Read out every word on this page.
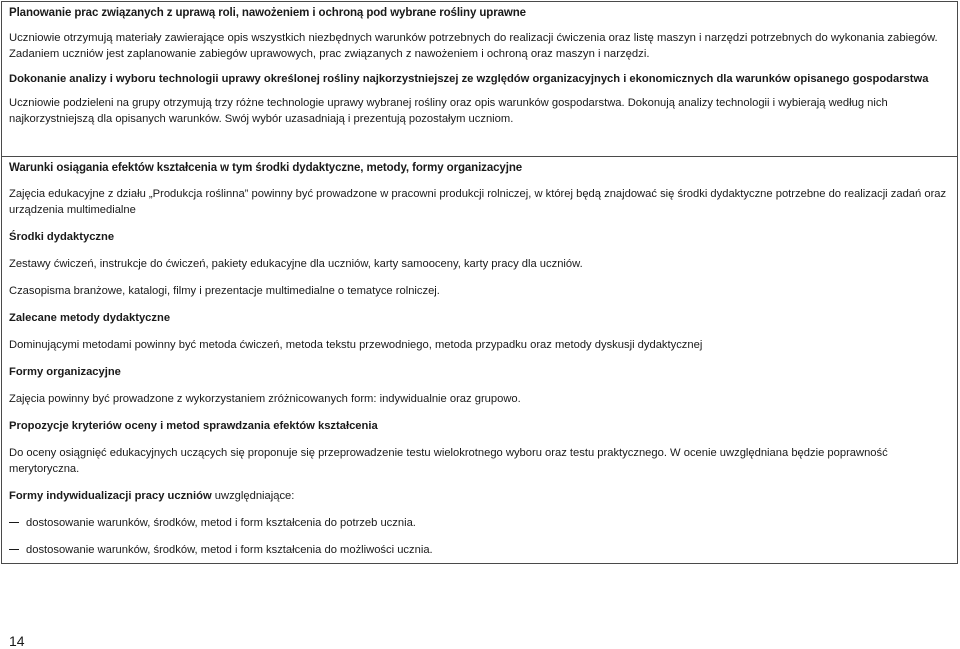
Planowanie prac związanych z uprawą roli, nawożeniem i ochroną pod wybrane rośliny uprawne

Uczniowie otrzymują materiały zawierające opis wszystkich niezbędnych warunków potrzebnych do realizacji ćwiczenia oraz listę maszyn i narzędzi potrzebnych do wykonania zabiegów.
Zadaniem uczniów jest zaplanowanie zabiegów uprawowych, prac związanych z nawożeniem i ochroną oraz maszyn i narzędzi.

Dokonanie analizy i wyboru technologii uprawy określonej rośliny najkorzystniejszej ze względów organizacyjnych i ekonomicznych dla warunków opisanego gospodarstwa

Uczniowie podzieleni na grupy otrzymują trzy różne technologie uprawy wybranej rośliny oraz opis warunków gospodarstwa. Dokonują analizy technologii i wybierają według nich najkorzystniejszą dla opisanych warunków. Swój wybór uzasadniają i prezentują pozostałym uczniom.

Warunki osiągania efektów kształcenia w tym środki dydaktyczne, metody, formy organizacyjne

Zajęcia edukacyjne z działu „Produkcja roślinna” powinny być prowadzone w pracowni produkcji rolniczej, w której będą znajdować się środki dydaktyczne potrzebne do realizacji zadań oraz urządzenia multimedialne

Środki dydaktyczne

Zestawy ćwiczeń, instrukcje do ćwiczeń, pakiety edukacyjne dla uczniów, karty samooceny, karty pracy dla uczniów.

Czasopisma branżowe, katalogi, filmy i prezentacje multimedialne o tematyce rolniczej.

Zalecane metody dydaktyczne

Dominującymi metodami powinny być metoda ćwiczeń, metoda tekstu przewodniego, metoda przypadku oraz metody dyskusji dydaktycznej

Formy organizacyjne

Zajęcia powinny być prowadzone z wykorzystaniem zróżnicowanych form: indywidualnie oraz grupowo.

Propozycje kryteriów oceny i metod sprawdzania efektów kształcenia

Do oceny osiągnięć edukacyjnych uczących się proponuje się przeprowadzenie testu wielokrotnego wyboru oraz testu praktycznego. W ocenie uwzględniana będzie poprawność merytoryczna.

Formy indywidualizacji pracy uczniów uwzględniające:

dostosowanie warunków, środków, metod i form kształcenia do potrzeb ucznia.

dostosowanie warunków, środków, metod i form kształcenia do możliwości ucznia.

14
